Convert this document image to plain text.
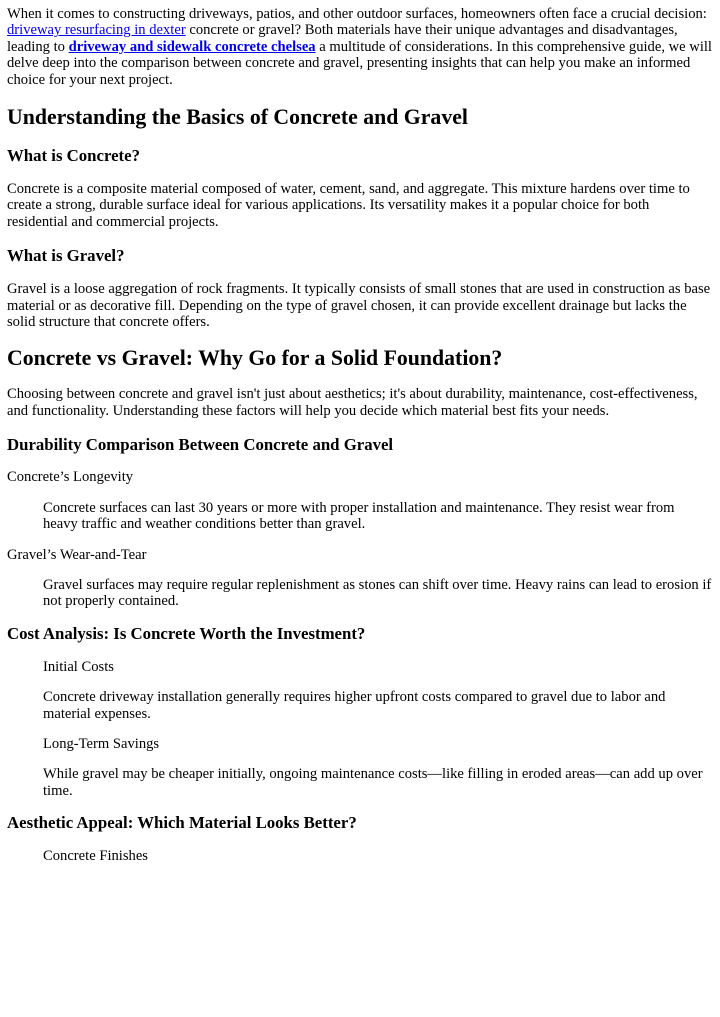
When it comes to constructing driveways, patios, and other outdoor surfaces, homeowners often face a crucial decision: driveway resurfacing in dexter concrete or gravel? Both materials have their unique advantages and disadvantages, leading to driveway and sidewalk concrete chelsea a multitude of considerations. In this comprehensive guide, we will delve deep into the comparison between concrete and gravel, presenting insights that can help you make an informed choice for your next project.

Understanding the Basics of Concrete and Gravel
What is Concrete?

Concrete is a composite material composed of water, cement, sand, and aggregate. This mixture hardens over time to create a strong, durable surface ideal for various applications. Its versatility makes it a popular choice for both residential and commercial projects.

What is Gravel?

Gravel is a loose aggregation of rock fragments. It typically consists of small stones that are used in construction as base material or as decorative fill. Depending on the type of gravel chosen, it can provide excellent drainage but lacks the solid structure that concrete offers.

Concrete vs Gravel: Why Go for a Solid Foundation?

Choosing between concrete and gravel isn't just about aesthetics; it's about durability, maintenance, cost-effectiveness, and functionality. Understanding these factors will help you decide which material best fits your needs.

Durability Comparison Between Concrete and Gravel

Concrete’s Longevity

Concrete surfaces can last 30 years or more with proper installation and maintenance. They resist wear from heavy traffic and weather conditions better than gravel.

Gravel’s Wear-and-Tear

Gravel surfaces may require regular replenishment as stones can shift over time. Heavy rains can lead to erosion if not properly contained.

Cost Analysis: Is Concrete Worth the Investment?

Initial Costs

Concrete driveway installation generally requires higher upfront costs compared to gravel due to labor and material expenses.

Long-Term Savings

While gravel may be cheaper initially, ongoing maintenance costs—like filling in eroded areas—can add up over time.

Aesthetic Appeal: Which Material Looks Better?

Concrete Finishes
